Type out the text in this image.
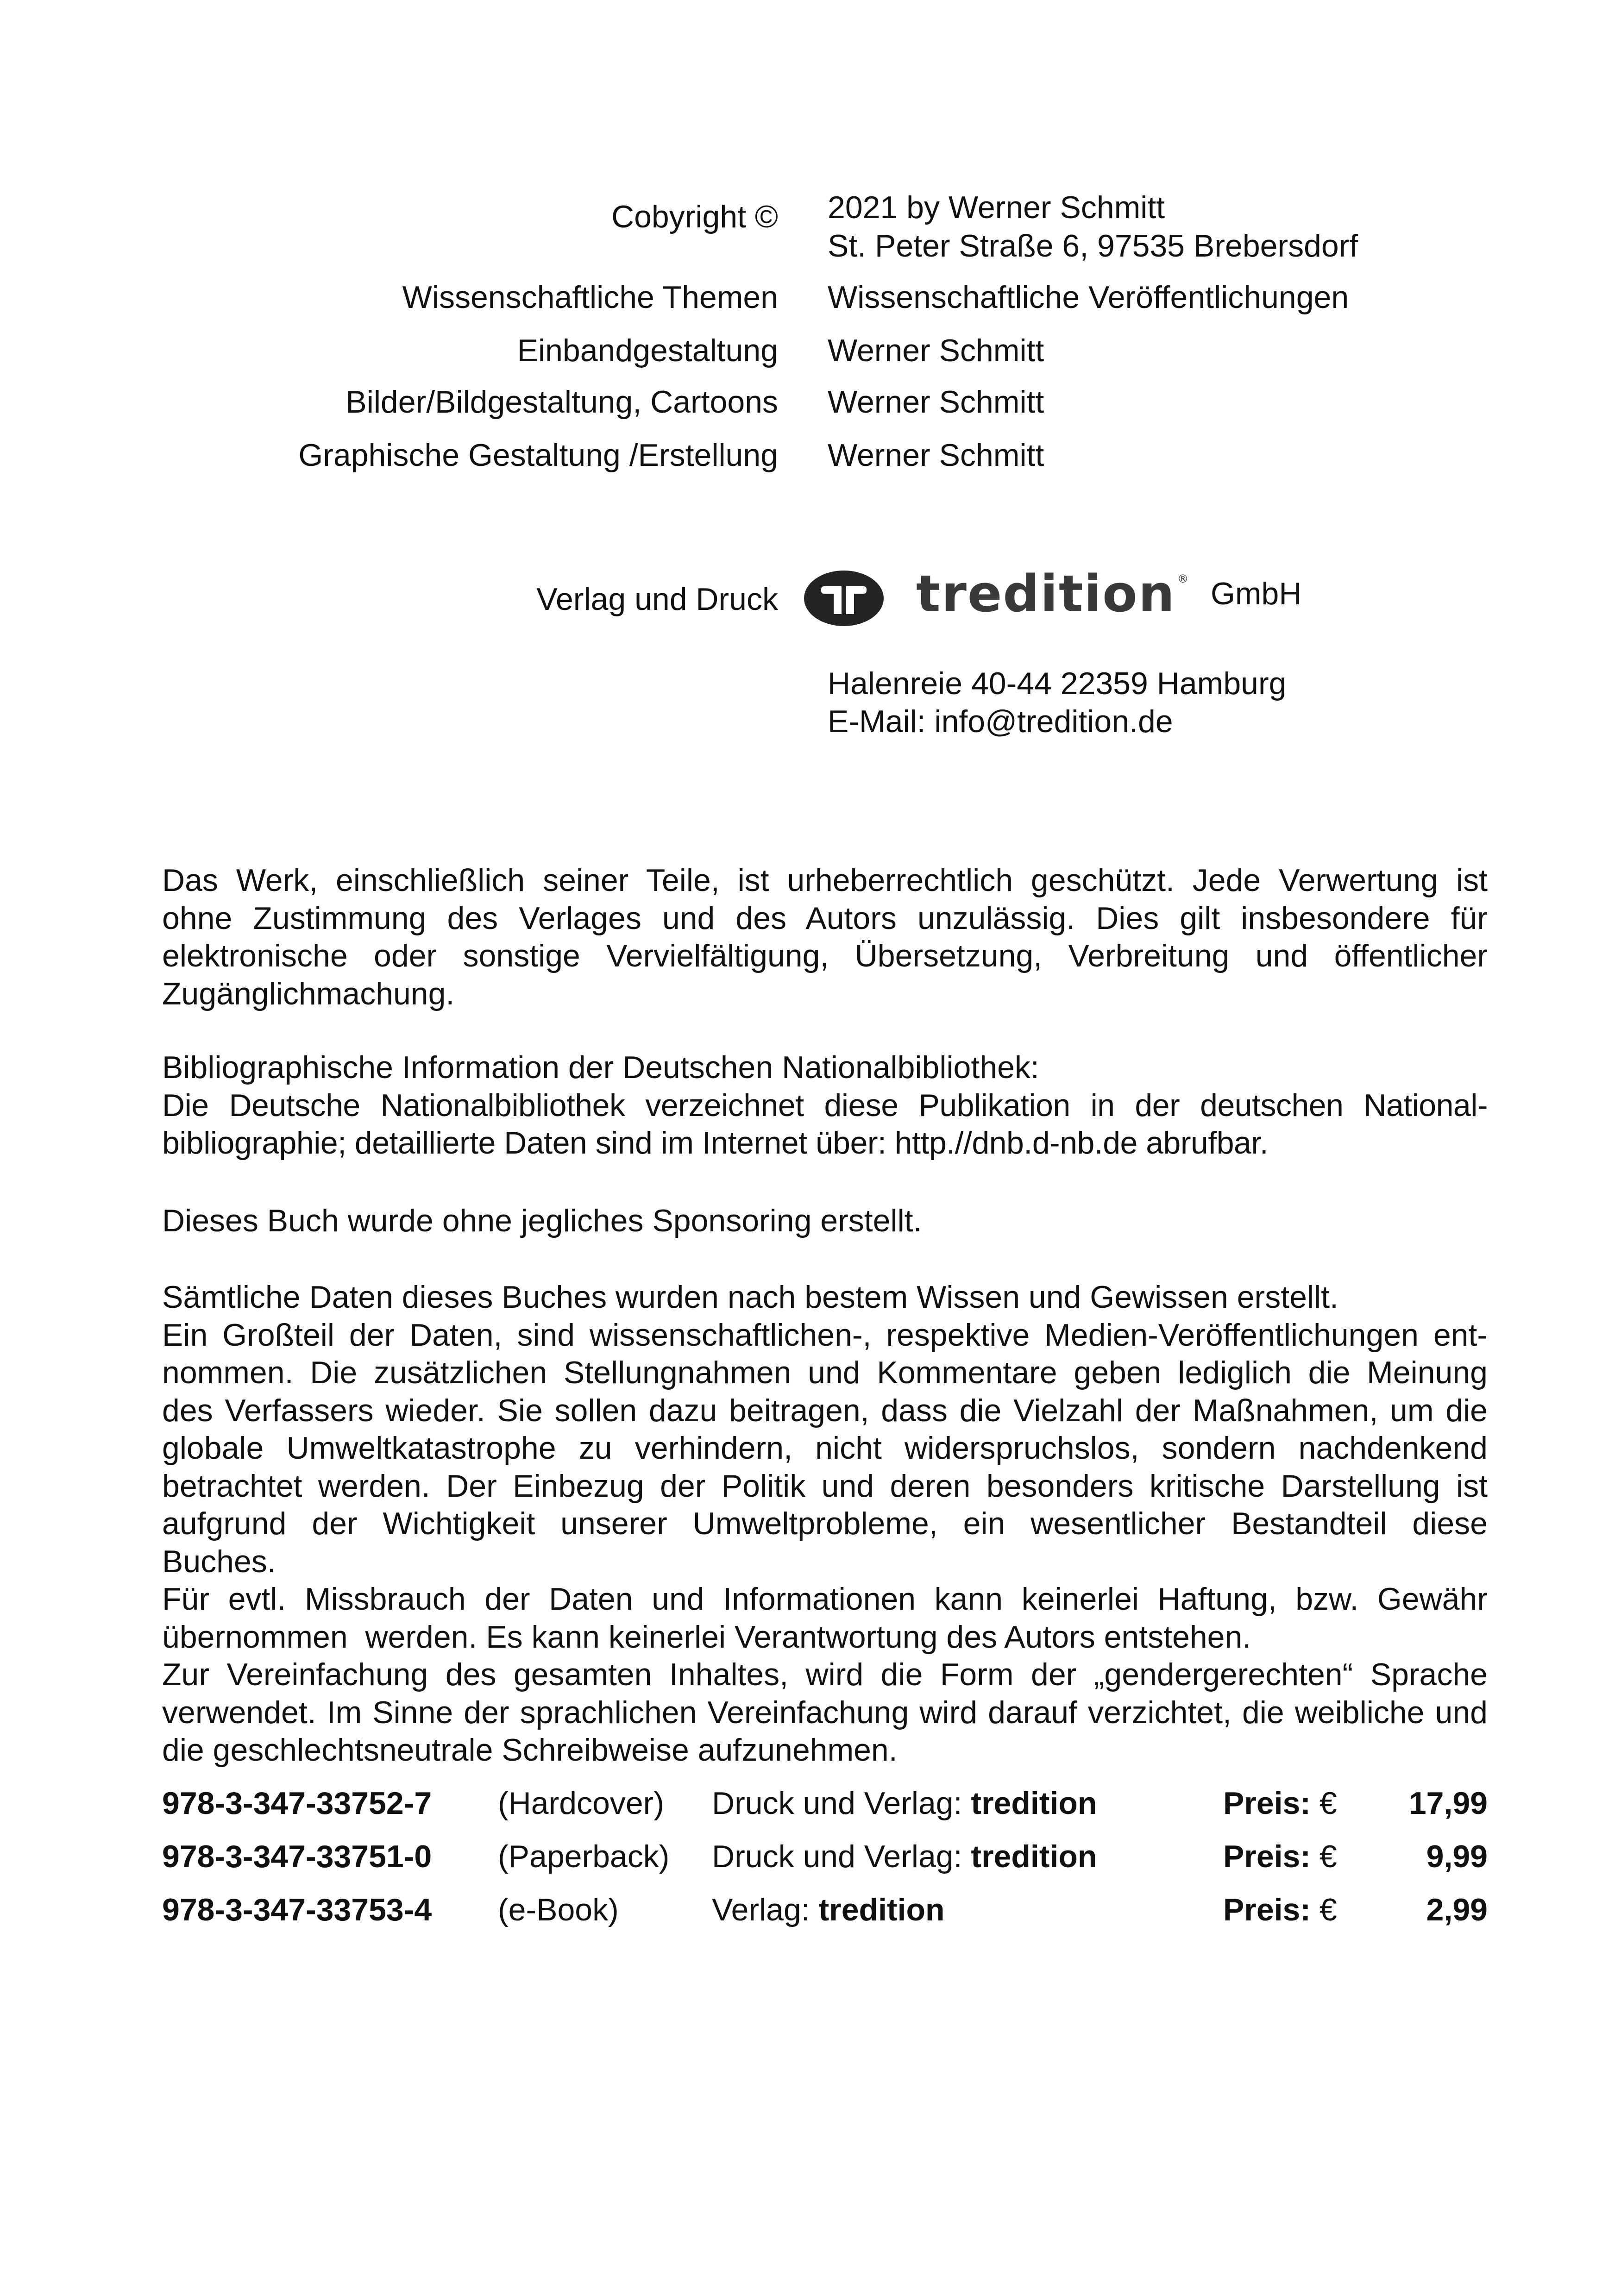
Cobyright © 2021 by Werner Schmitt
St. Peter Straße 6, 97535 Brebersdorf
Wissenschaftliche Themen Wissenschaftliche Veröffentlichungen
Einbandgestaltung Werner Schmitt
Bilder/Bildgestaltung, Cartoons Werner Schmitt
Graphische Gestaltung /Erstellung Werner Schmitt
Verlag und Druck	tredition ® GmbH
Halenreie 40-44 22359 Hamburg
E-Mail: info@tredition.de
Das Werk, einschließlich seiner Teile, ist urheberrechtlich geschützt. Jede Verwertung ist
ohne Zustimmung des Verlages und des Autors unzulässig. Dies gilt insbesondere für
elektronische oder sonstige Vervielfältigung, Übersetzung, Verbreitung und öffentlicher
Zugänglichmachung.
Bibliographische Information der Deutschen Nationalbibliothek:
Die Deutsche Nationalbibliothek verzeichnet diese Publikation in der deutschen National-
bibliographie; detaillierte Daten sind im Internet über: http.//dnb.d-nb.de abrufbar.
Dieses Buch wurde ohne jegliches Sponsoring erstellt.
Sämtliche Daten dieses Buches wurden nach bestem Wissen und Gewissen erstellt.
Ein Großteil der Daten, sind wissenschaftlichen-, respektive Medien-Veröffentlichungen ent-
nommen. Die zusätzlichen Stellungnahmen und Kommentare geben lediglich die Meinung
des Verfassers wieder. Sie sollen dazu beitragen, dass die Vielzahl der Maßnahmen, um die
globale Umweltkatastrophe zu verhindern, nicht widerspruchslos, sondern nachdenkend
betrachtet werden. Der Einbezug der Politik und deren besonders kritische Darstellung ist
aufgrund der Wichtigkeit unserer Umweltprobleme, ein wesentlicher Bestandteil diese
Buches.
Für evtl. Missbrauch der Daten und Informationen kann keinerlei Haftung, bzw. Gewähr
übernommen  werden. Es kann keinerlei Verantwortung des Autors entstehen.
Zur Vereinfachung des gesamten Inhaltes, wird die Form der „gendergerechten“ Sprache
verwendet. Im Sinne der sprachlichen Vereinfachung wird darauf verzichtet, die weibliche und
die geschlechtsneutrale Schreibweise aufzunehmen.
978-3-347-33752-7 (Hardcover) Druck und Verlag: tredition	Preis: € 17,99
978-3-347-33751-0 (Paperback) Druck und Verlag: tredition	Preis: €	9,99
978-3-347-33753-4 (e-Book)	Verlag: tredition	Preis: €	2,99
